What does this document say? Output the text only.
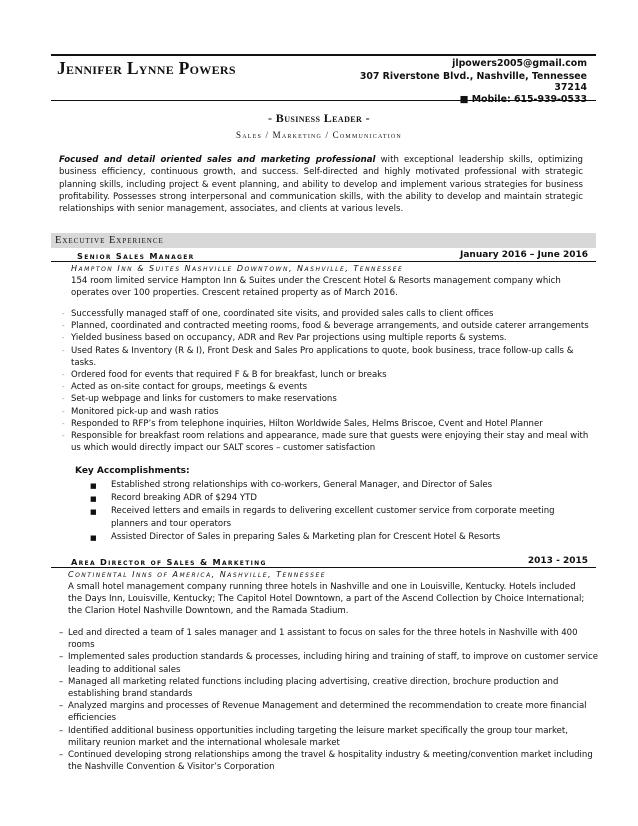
Jennifer Lynne Powers	jlpowers2005@gmail.com
307 Riverstone Blvd., Nashville, Tennessee
37214
■ Mobile: 615-939-0533
- Business Leader -
Sales / Marketing / Communication
Focused and detail oriented sales and marketing professional with exceptional leadership skills, optimizing business efficiency, continuous growth, and success. Self-directed and highly motivated professional with strategic planning skills, including project & event planning, and ability to develop and implement various strategies for business profitability. Possesses strong interpersonal and communication skills, with the ability to develop and maintain strategic relationships with senior management, associates, and clients at various levels.
Executive Experience
Senior Sales Manager	January 2016 – June 2016
Hampton Inn & Suites Nashville Downtown, Nashville, Tennessee
154 room limited service Hampton Inn & Suites under the Crescent Hotel & Resorts management company which operates over 100 properties. Crescent retained property as of March 2016.
- Successfully managed staff of one, coordinated site visits, and provided sales calls to client offices
- Planned, coordinated and contracted meeting rooms, food & beverage arrangements, and outside caterer arrangements
- Yielded business based on occupancy, ADR and Rev Par projections using multiple reports & systems.
- Used Rates & Inventory (R & I), Front Desk and Sales Pro applications to quote, book business, trace follow-up calls & tasks.
- Ordered food for events that required F & B for breakfast, lunch or breaks
- Acted as on-site contact for groups, meetings & events
- Set-up webpage and links for customers to make reservations
- Monitored pick-up and wash ratios
- Responded to RFP’s from telephone inquiries, Hilton Worldwide Sales, Helms Briscoe, Cvent and Hotel Planner
- Responsible for breakfast room relations and appearance, made sure that guests were enjoying their stay and meal with us which would directly impact our SALT scores – customer satisfaction
Key Accomplishments:
■ Established strong relationships with co-workers, General Manager, and Director of Sales
■ Record breaking ADR of $294 YTD
■ Received letters and emails in regards to delivering excellent customer service from corporate meeting planners and tour operators
■ Assisted Director of Sales in preparing Sales & Marketing plan for Crescent Hotel & Resorts
Area Director of Sales & Marketing	2013 - 2015
Continental Inns of America, Nashville, Tennessee
A small hotel management company running three hotels in Nashville and one in Louisville, Kentucky. Hotels included the Days Inn, Louisville, Kentucky; The Capitol Hotel Downtown, a part of the Ascend Collection by Choice International; the Clarion Hotel Nashville Downtown, and the Ramada Stadium.
– Led and directed a team of 1 sales manager and 1 assistant to focus on sales for the three hotels in Nashville with 400 rooms
– Implemented sales production standards & processes, including hiring and training of staff, to improve on customer service leading to additional sales
– Managed all marketing related functions including placing advertising, creative direction, brochure production and establishing brand standards
– Analyzed margins and processes of Revenue Management and determined the recommendation to create more financial efficiencies
– Identified additional business opportunities including targeting the leisure market specifically the group tour market, military reunion market and the international wholesale market
– Continued developing strong relationships among the travel & hospitality industry & meeting/convention market including the Nashville Convention & Visitor’s Corporation
